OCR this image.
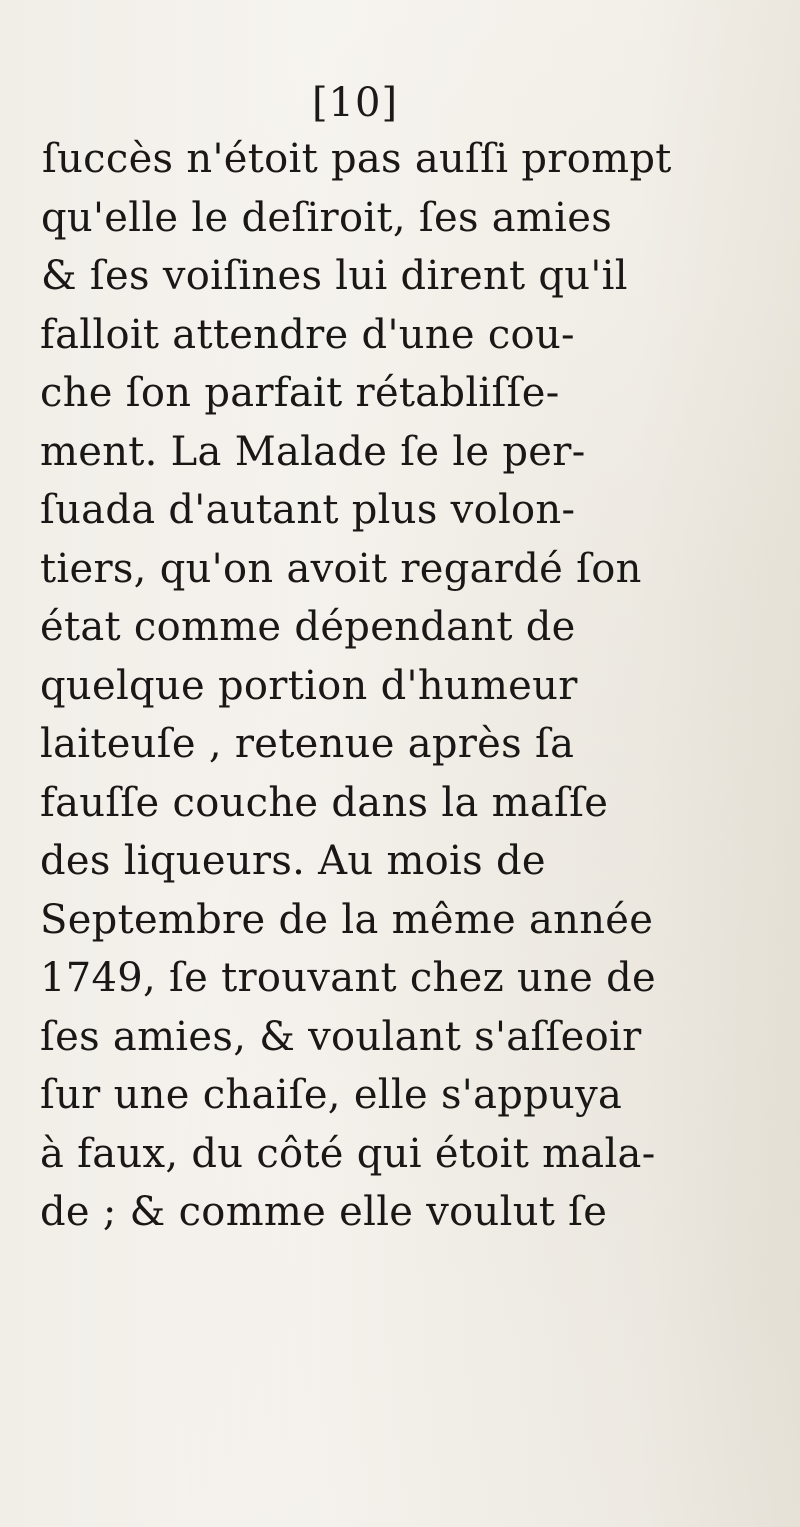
[10]
ſuccès n'étoit pas auſſi prompt
qu'elle le deſiroit, ſes amies
& ſes voiſines lui dirent qu'il
falloit attendre d'une cou-
che ſon parfait rétabliſſe-
ment. La Malade ſe le per-
ſuada d'autant plus volon-
tiers, qu'on avoit regardé ſon
état comme dépendant de
quelque portion d'humeur
laiteuſe , retenue après ſa
fauſſe couche dans la maſſe
des liqueurs. Au mois de
Septembre de la même année
1749, ſe trouvant chez une de
ſes amies, & voulant s'aſſeoir
ſur une chaiſe, elle s'appuya
à faux, du côté qui étoit mala-
de ; & comme elle voulut ſe
